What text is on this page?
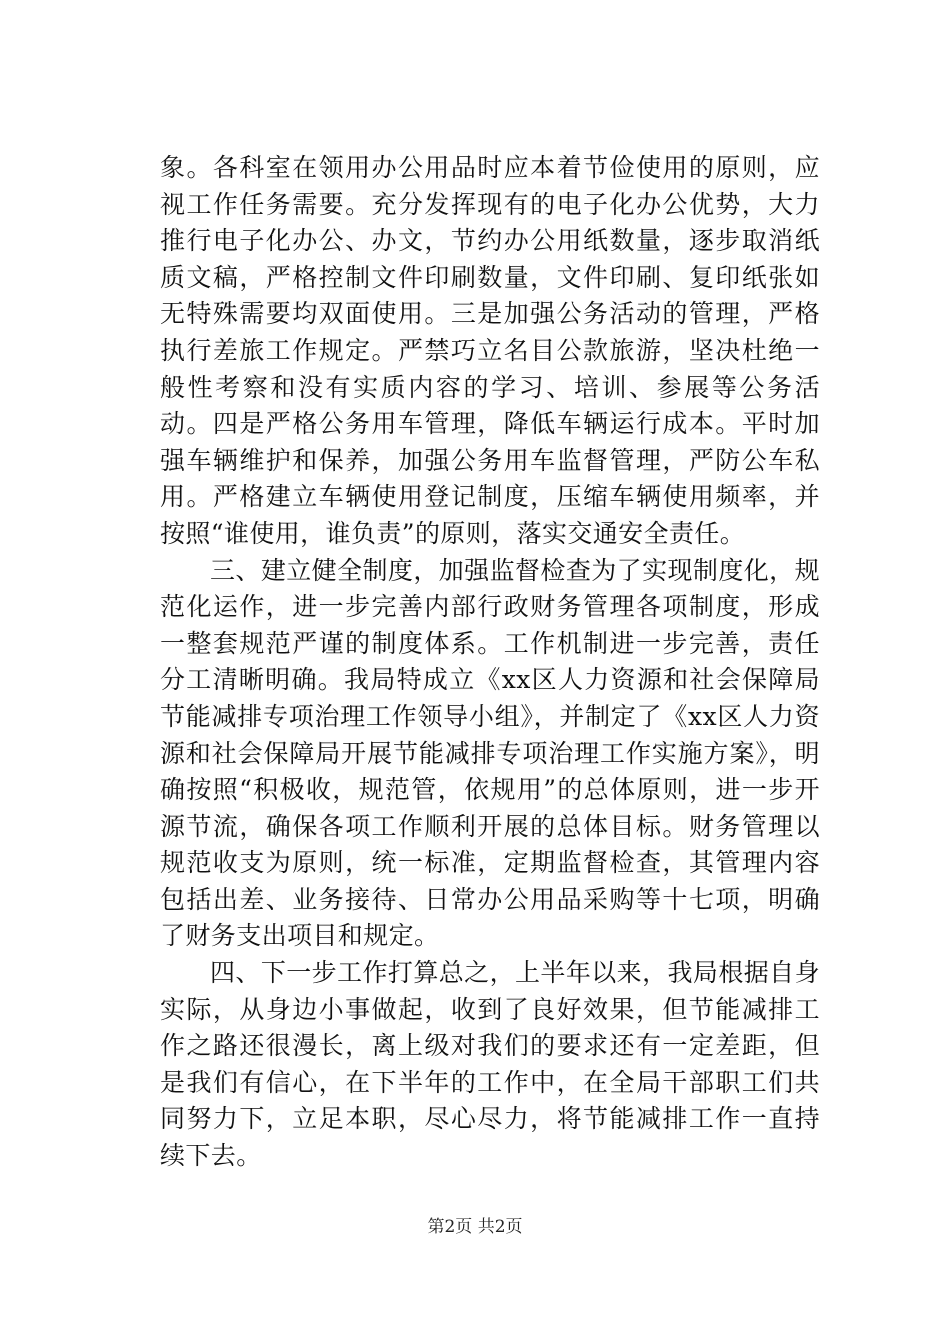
象。各科室在领用办公用品时应本着节俭使用的原则，应视工作任务需要。充分发挥现有的电子化办公优势，大力推行电子化办公、办文，节约办公用纸数量，逐步取消纸质文稿，严格控制文件印刷数量，文件印刷、复印纸张如无特殊需要均双面使用。三是加强公务活动的管理，严格执行差旅工作规定。严禁巧立名目公款旅游，坚决杜绝一般性考察和没有实质内容的学习、培训、参展等公务活动。四是严格公务用车管理，降低车辆运行成本。平时加强车辆维护和保养，加强公务用车监督管理，严防公车私用。严格建立车辆使用登记制度，压缩车辆使用频率，并按照“谁使用，谁负责”的原则，落实交通安全责任。

三、建立健全制度，加强监督检查为了实现制度化，规范化运作，进一步完善内部行政财务管理各项制度，形成一整套规范严谨的制度体系。工作机制进一步完善，责任分工清晰明确。我局特成立《xx区人力资源和社会保障局节能减排专项治理工作领导小组》，并制定了《xx区人力资源和社会保障局开展节能减排专项治理工作实施方案》，明确按照“积极收，规范管，依规用”的总体原则，进一步开源节流，确保各项工作顺利开展的总体目标。财务管理以规范收支为原则，统一标准，定期监督检查，其管理内容包括出差、业务接待、日常办公用品采购等十七项，明确了财务支出项目和规定。

四、下一步工作打算总之，上半年以来，我局根据自身实际，从身边小事做起，收到了良好效果，但节能减排工作之路还很漫长，离上级对我们的要求还有一定差距，但是我们有信心，在下半年的工作中，在全局干部职工们共同努力下，立足本职，尽心尽力，将节能减排工作一直持续下去。

第2页 共2页
